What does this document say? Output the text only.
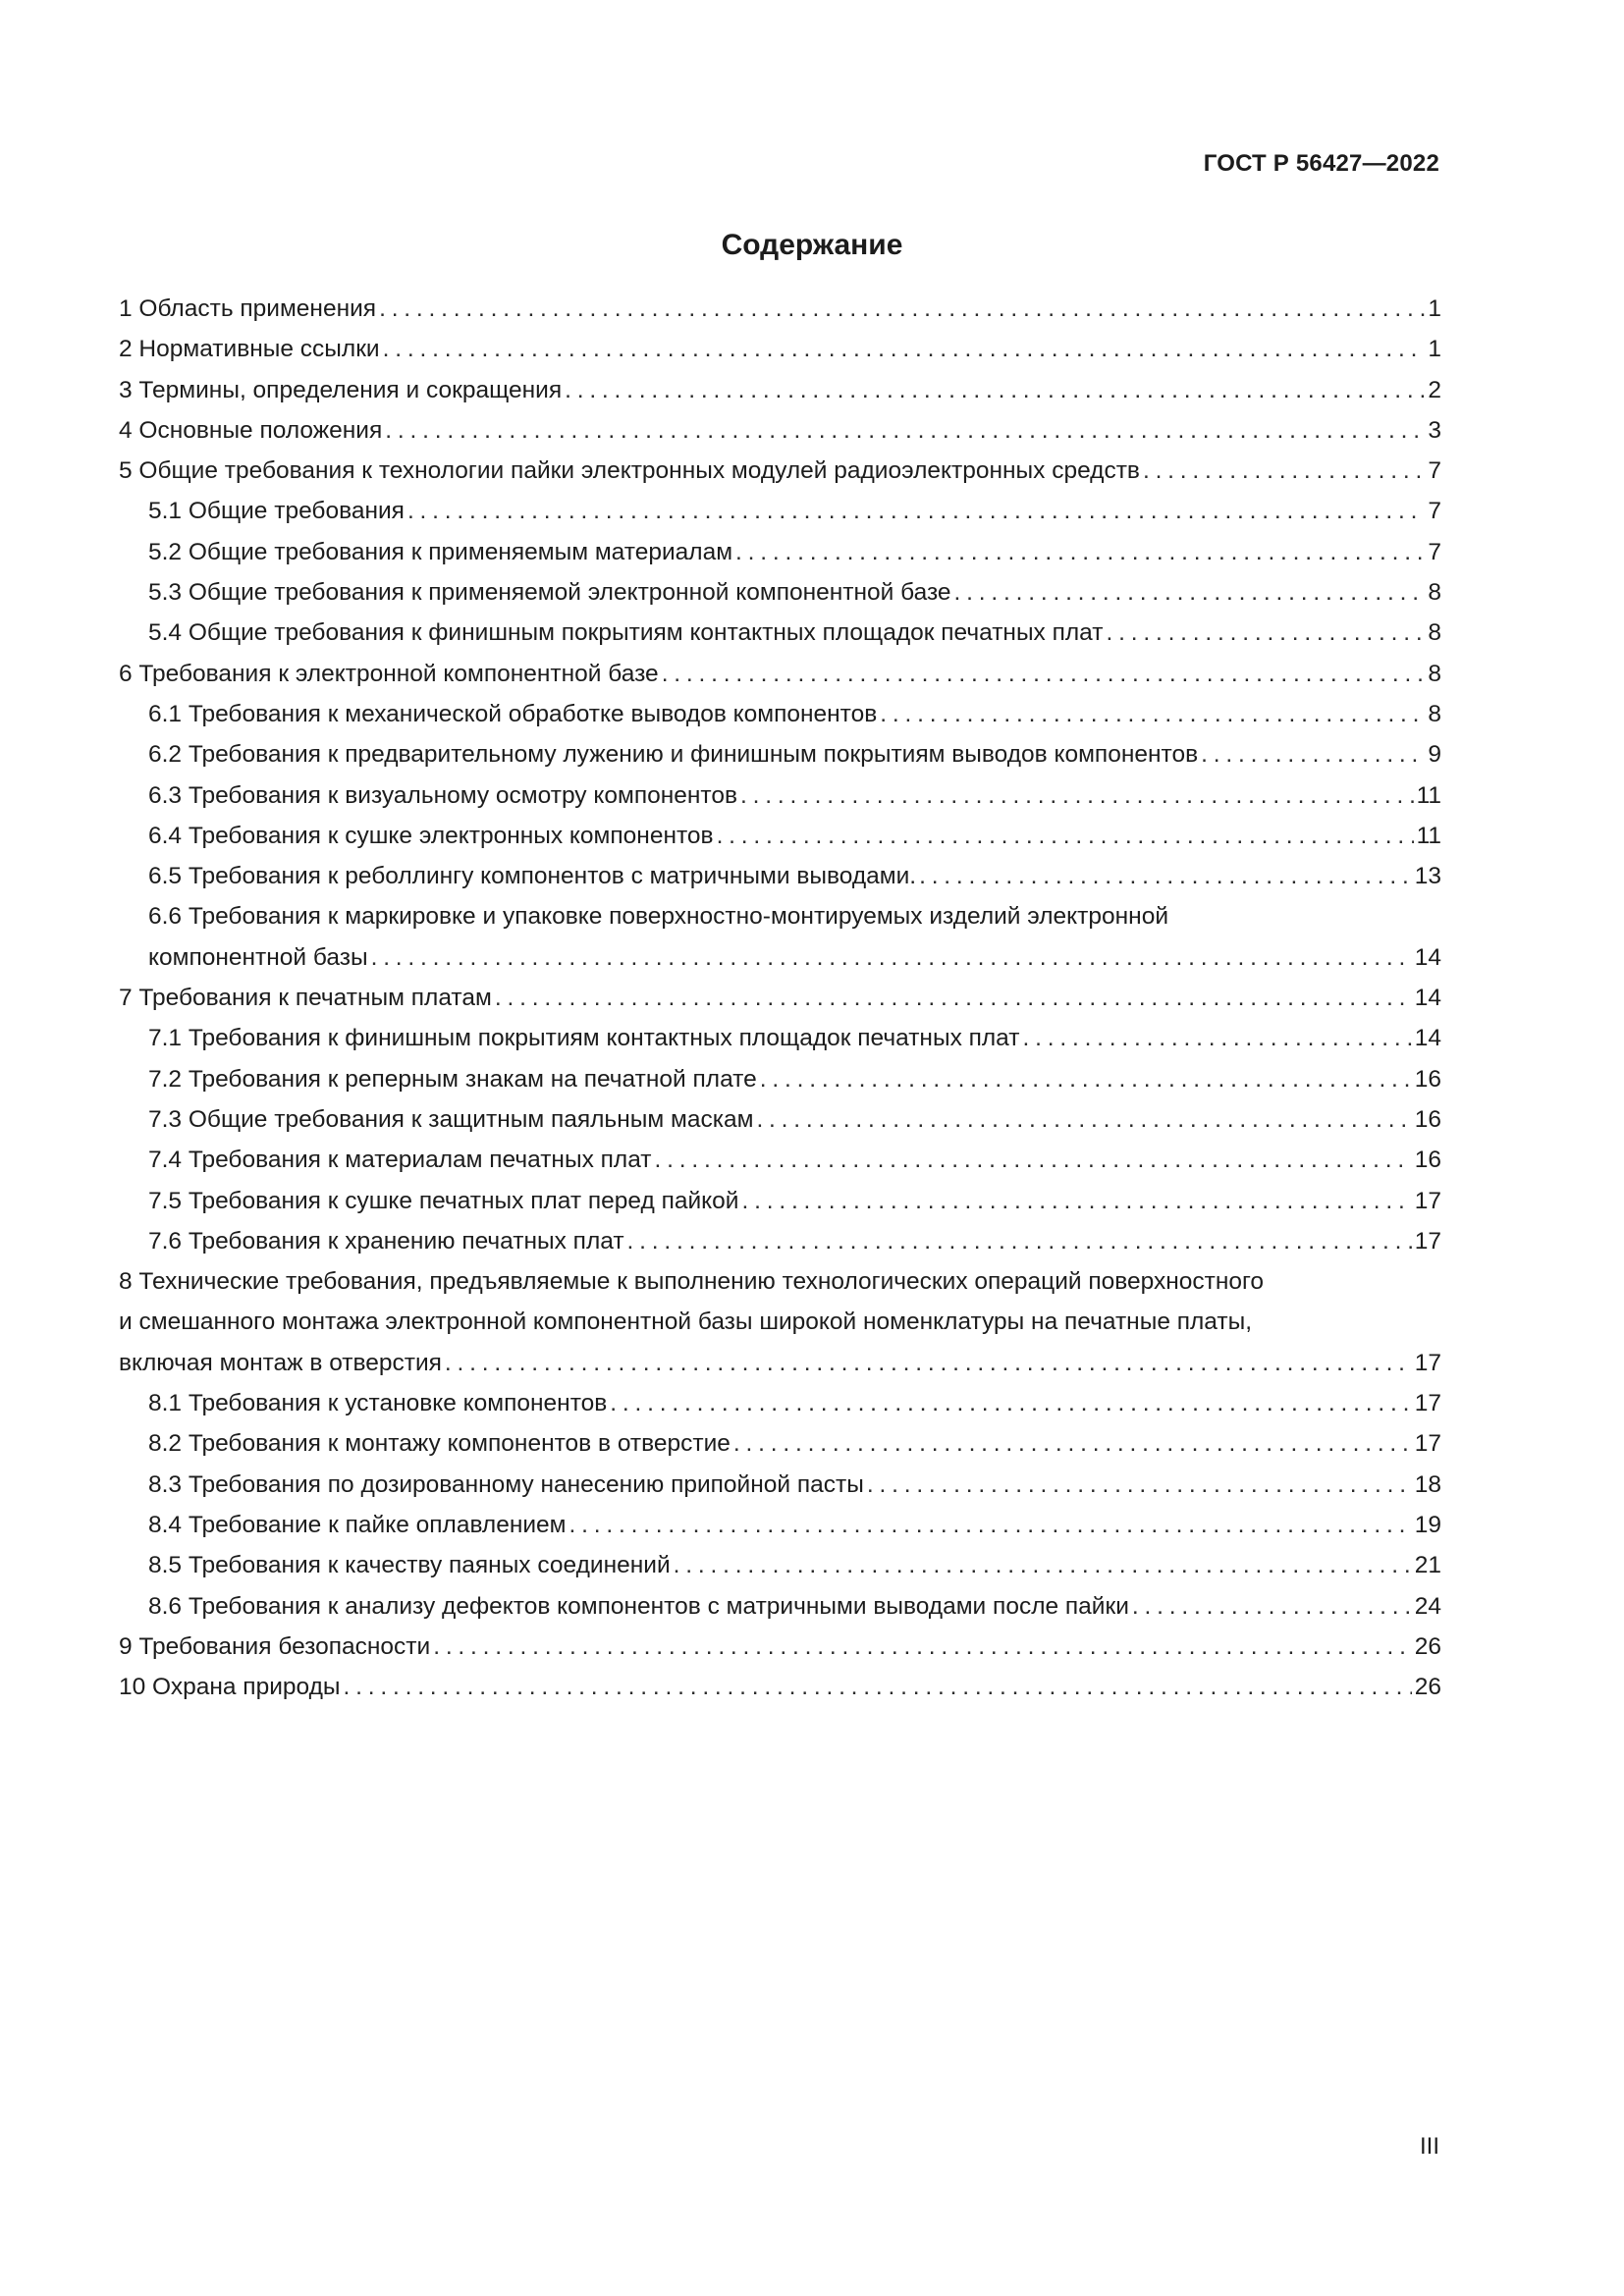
ГОСТ Р 56427—2022
Содержание
1 Область применения . . .	1
2 Нормативные ссылки . . .	1
3 Термины, определения и сокращения . . .	2
4 Основные положения . . .	3
5 Общие требования к технологии пайки электронных модулей радиоэлектронных средств . . .	7
5.1 Общие требования . . .	7
5.2 Общие требования к применяемым материалам . . .	7
5.3 Общие требования к применяемой электронной компонентной базе . . .	8
5.4 Общие требования к финишным покрытиям контактных площадок печатных плат . . .	8
6 Требования к электронной компонентной базе . . .	8
6.1 Требования к механической обработке выводов компонентов . . .	8
6.2 Требования к предварительному лужению и финишным покрытиям выводов компонентов . . .	9
6.3 Требования к визуальному осмотру компонентов . . .	11
6.4 Требования к сушке электронных компонентов . . .	11
6.5 Требования к реболлингу компонентов с матричными выводами. . . .	13
6.6 Требования к маркировке и упаковке поверхностно-монтируемых изделий электронной
компонентной базы . . .	14
7 Требования к печатным платам . . .	14
7.1 Требования к финишным покрытиям контактных площадок печатных плат . . .	14
7.2 Требования к реперным знакам на печатной плате . . .	16
7.3 Общие требования к защитным паяльным маскам . . .	16
7.4 Требования к материалам печатных плат . . .	16
7.5 Требования к сушке печатных плат перед пайкой . . .	17
7.6 Требования к хранению печатных плат . . .	17
8 Технические требования, предъявляемые к выполнению технологических операций поверхностного
и смешанного монтажа электронной компонентной базы широкой номенклатуры на печатные платы,
включая монтаж в отверстия . . .	17
8.1 Требования к установке компонентов . . .	17
8.2 Требования к монтажу компонентов в отверстие . . .	17
8.3 Требования по дозированному нанесению припойной пасты . . .	18
8.4 Требование к пайке оплавлением . . .	19
8.5 Требования к качеству паяных соединений . . .	21
8.6 Требования к анализу дефектов компонентов с матричными выводами после пайки . . .	24
9 Требования безопасности . . .	26
10 Охрана природы . . .	26
III
